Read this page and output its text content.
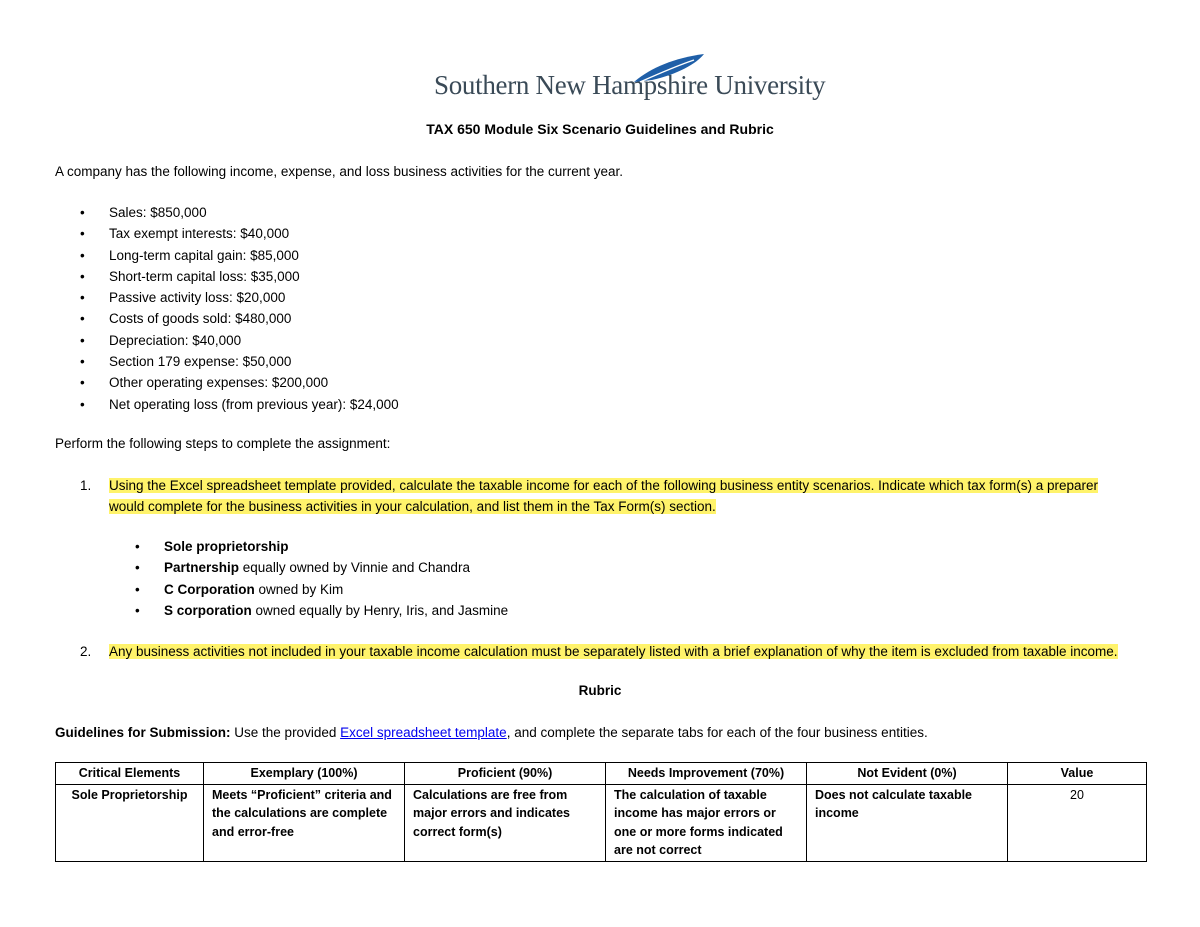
Southern New Hampshire University
TAX 650 Module Six Scenario Guidelines and Rubric
A company has the following income, expense, and loss business activities for the current year.
• Sales: $850,000
• Tax exempt interests: $40,000
• Long-term capital gain: $85,000
• Short-term capital loss: $35,000
• Passive activity loss: $20,000
• Costs of goods sold: $480,000
• Depreciation: $40,000
• Section 179 expense: $50,000
• Other operating expenses: $200,000
• Net operating loss (from previous year): $24,000
Perform the following steps to complete the assignment:
1.	Using the Excel spreadsheet template provided, calculate the taxable income for each of the following business entity scenarios. Indicate which tax form(s) a preparer would complete for the business activities in your calculation, and list them in the Tax Form(s) section.
• Sole proprietorship
• Partnership equally owned by Vinnie and Chandra
• C Corporation owned by Kim
• S corporation owned equally by Henry, Iris, and Jasmine
2.	Any business activities not included in your taxable income calculation must be separately listed with a brief explanation of why the item is excluded from taxable income.
Rubric
Guidelines for Submission: Use the provided Excel spreadsheet template, and complete the separate tabs for each of the four business entities.
Critical Elements	Exemplary (100%)	Proficient (90%)	Needs Improvement (70%)	Not Evident (0%)	Value
Sole Proprietorship	Meets “Proficient” criteria and the calculations are complete and error-free	Calculations are free from major errors and indicates correct form(s)	The calculation of taxable income has major errors or one or more forms indicated are not correct	Does not calculate taxable income	20
